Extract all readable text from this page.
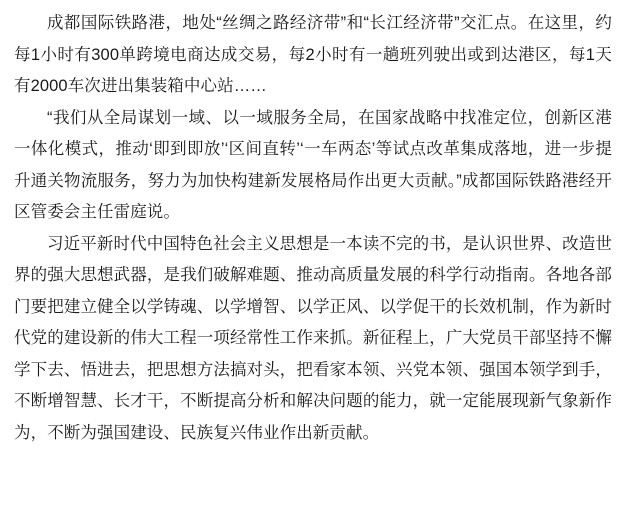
成都国际铁路港，地处“丝绸之路经济带”和“长江经济带”交汇点。在这里，约每1小时有300单跨境电商达成交易，每2小时有一趟班列驶出或到达港区，每1天有2000车次进出集装箱中心站……

“我们从全局谋划一域、以一域服务全局，在国家战略中找准定位，创新区港一体化模式，推动‘即到即放’‘区间直转’‘一车两态’等试点改革集成落地，进一步提升通关物流服务，努力为加快构建新发展格局作出更大贡献。”成都国际铁路港经开区管委会主任雷庭说。

习近平新时代中国特色社会主义思想是一本读不完的书，是认识世界、改造世界的强大思想武器，是我们破解难题、推动高质量发展的科学行动指南。各地各部门要把建立健全以学铸魂、以学增智、以学正风、以学促干的长效机制，作为新时代党的建设新的伟大工程一项经常性工作来抓。新征程上，广大党员干部坚持不懈学下去、悟进去，把思想方法搞对头，把看家本领、兴党本领、强国本领学到手，不断增智慧、长才干，不断提高分析和解决问题的能力，就一定能展现新气象新作为，不断为强国建设、民族复兴伟业作出新贡献。
